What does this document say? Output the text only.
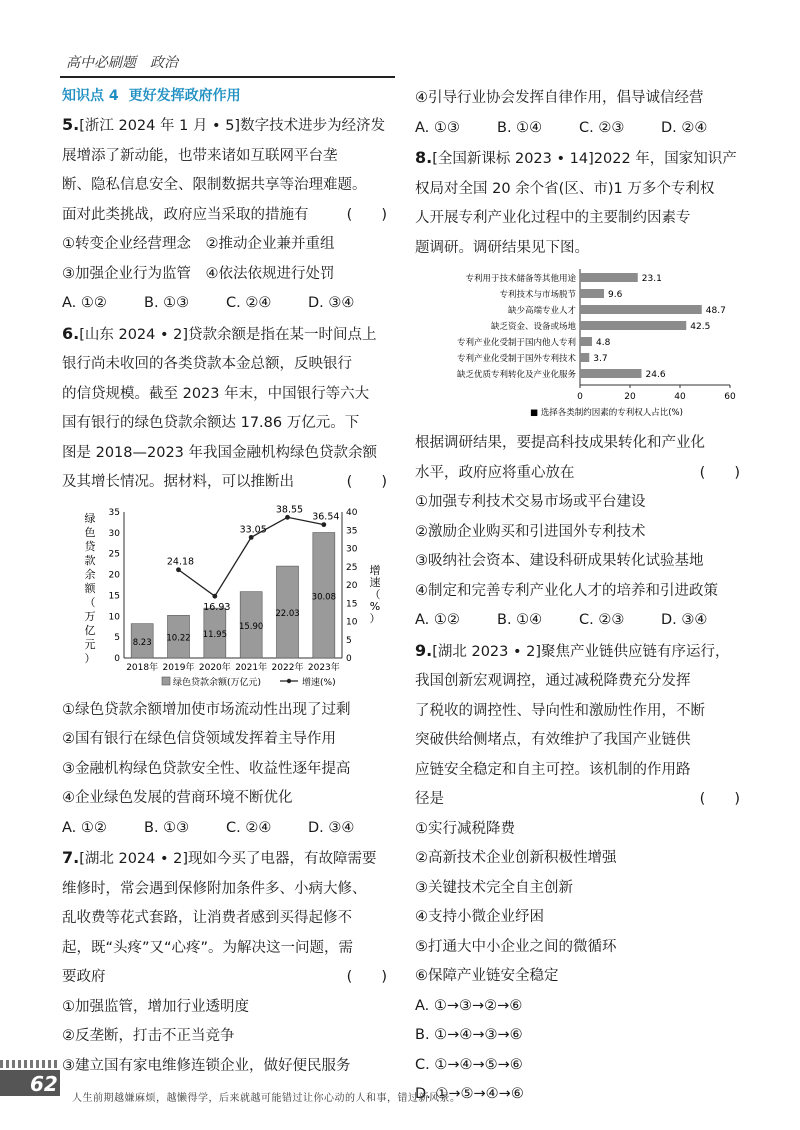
高中必刷题　政治
知识点 4 更好发挥政府作用
5.[浙江 2024 年 1 月 • 5]数字技术进步为经济发
展增添了新动能，也带来诸如互联网平台垄
断、隐私信息安全、限制数据共享等治理难题。
面对此类挑战，政府应当采取的措施有	(　　)
①转变企业经营理念　②推动企业兼并重组
③加强企业行为监管　④依法依规进行处罚
A. ①②	B. ①③	C. ②④	D. ③④
6.[山东 2024 • 2]贷款余额是指在某一时间点上
银行尚未收回的各类贷款本金总额，反映银行
的信贷规模。截至 2023 年末，中国银行等六大
国有银行的绿色贷款余额达 17.86 万亿元。下
图是 2018—2023 年我国金融机构绿色贷款余额
及其增长情况。据材料，可以推断出	(　　)
0
5
10
15
20
25
30
35
0
5
10
15
20
25
30
35
40
绿
色
贷
款
余
额
（
万
亿
元
）
增
速
（
%
）
8.23
2018年
10.22
2019年
11.95
2020年
15.90
2021年
22.03
2022年
30.08
2023年
24.18
16.93
33.05
38.55
36.54
绿色贷款余额(万亿元)	增速(%)
①绿色贷款余额增加使市场流动性出现了过剩
②国有银行在绿色信贷领域发挥着主导作用
③金融机构绿色贷款安全性、收益性逐年提高
④企业绿色发展的营商环境不断优化
A. ①②	B. ①③	C. ②④	D. ③④
7.[湖北 2024 • 2]现如今买了电器，有故障需要
维修时，常会遇到保修附加条件多、小病大修、
乱收费等花式套路，让消费者感到买得起修不
起，既“头疼”又“心疼”。为解决这一问题，需
要政府	(　　)
①加强监管，增加行业透明度
②反垄断，打击不正当竞争
③建立国有家电维修连锁企业，做好便民服务
④引导行业协会发挥自律作用，倡导诚信经营
A. ①③	B. ①④	C. ②③	D. ②④
8.[全国新课标 2023 • 14]2022 年，国家知识产
权局对全国 20 余个省(区、市)1 万多个专利权
人开展专利产业化过程中的主要制约因素专
题调研。调研结果见下图。
0	20	40	60
专利用于技术储备等其他用途	23.1
专利技术与市场脱节	9.6
缺少高端专业人才	48.7
缺乏资金、设备或场地	42.5
专利产业化受制于国内他人专利 4.8
专利产业化受制于国外专利技术 3.7
缺乏优质专利转化及产业化服务	24.6
■ 选择各类制约因素的专利权人占比(%)
根据调研结果，要提高科技成果转化和产业化
水平，政府应将重心放在	(　　)
①加强专利技术交易市场或平台建设
②激励企业购买和引进国外专利技术
③吸纳社会资本、建设科研成果转化试验基地
④制定和完善专利产业化人才的培养和引进政策
A. ①②	B. ①④	C. ②③	D. ③④
9.[湖北 2023 • 2]聚焦产业链供应链有序运行，
我国创新宏观调控，通过减税降费充分发挥
了税收的调控性、导向性和激励性作用，不断
突破供给侧堵点，有效维护了我国产业链供
应链安全稳定和自主可控。该机制的作用路
径是	(　　)
①实行减税降费
②高新技术企业创新积极性增强
③关键技术完全自主创新
④支持小微企业纾困
⑤打通大中小企业之间的微循环
⑥保障产业链安全稳定
A. ①→③→②→⑥
B. ①→④→③→⑥
C. ①→④→⑤→⑥
D. ①→⑤→④→⑥
62
人生前期越嫌麻烦，越懒得学，后来就越可能错过让你心动的人和事，错过新风景。
